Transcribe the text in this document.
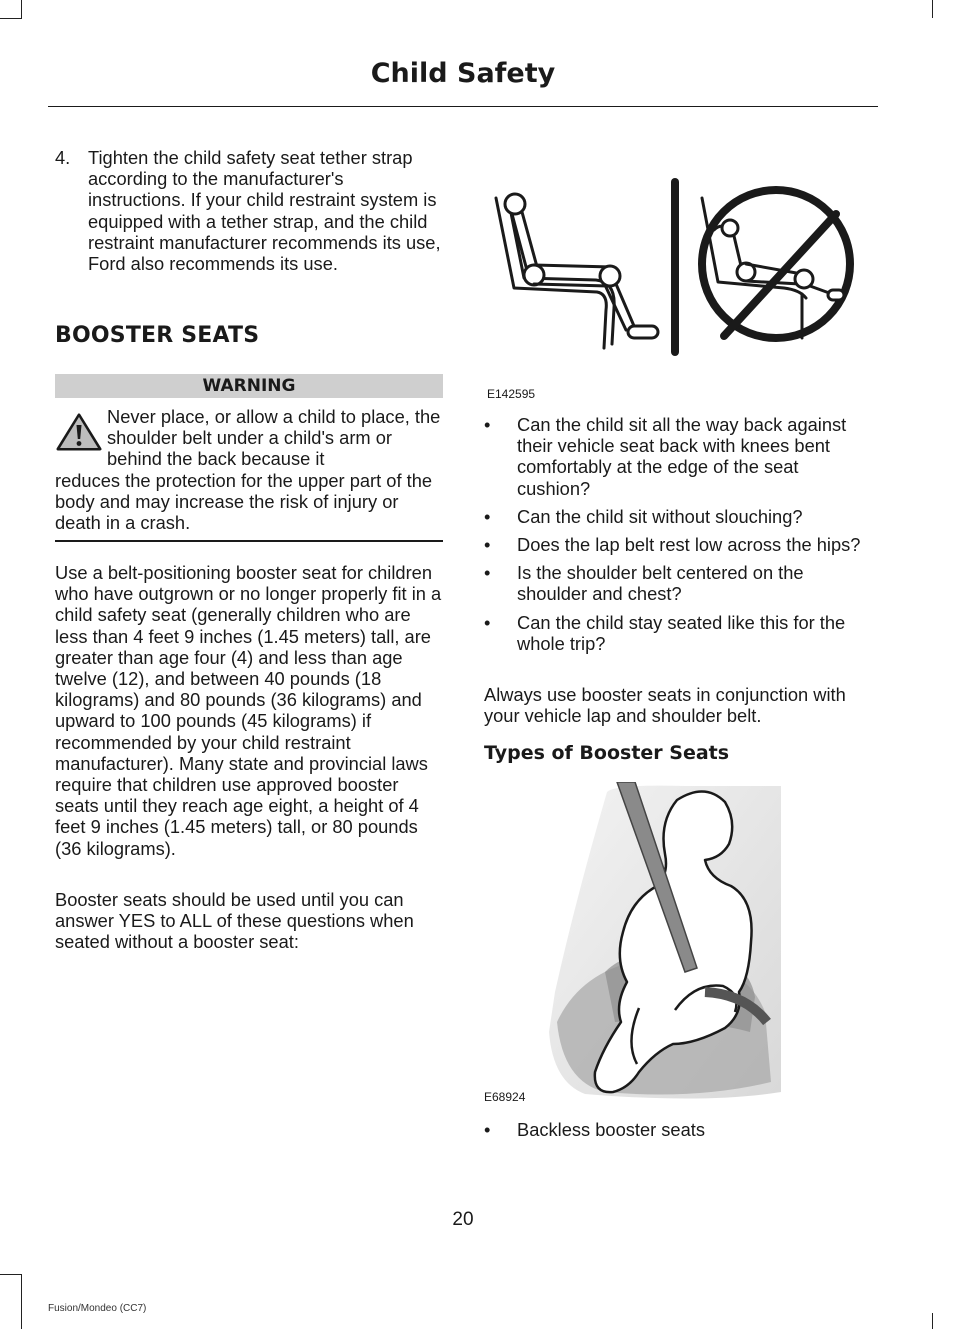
Child Safety
4. Tighten the child safety seat tether strap according to the manufacturer's instructions. If your child restraint system is equipped with a tether strap, and the child restraint manufacturer recommends its use, Ford also recommends its use.
BOOSTER SEATS
WARNING
Never place, or allow a child to place, the shoulder belt under a child's arm or behind the back because it
reduces the protection for the upper part of the body and may increase the risk of injury or death in a crash.

Use a belt-positioning booster seat for children who have outgrown or no longer properly fit in a child safety seat (generally children who are less than 4 feet 9 inches (1.45 meters) tall, are greater than age four (4) and less than age twelve (12), and between 40 pounds (18 kilograms) and 80 pounds (36 kilograms) and upward to 100 pounds (45 kilograms) if recommended by your child restraint manufacturer). Many state and provincial laws require that children use approved booster seats until they reach age eight, a height of 4 feet 9 inches (1.45 meters) tall, or 80 pounds (36 kilograms).

Booster seats should be used until you can answer YES to ALL of these questions when seated without a booster seat:

E142595
• Can the child sit all the way back against their vehicle seat back with knees bent comfortably at the edge of the seat cushion?
• Can the child sit without slouching?
• Does the lap belt rest low across the hips?
• Is the shoulder belt centered on the shoulder and chest?
• Can the child stay seated like this for the whole trip?

Always use booster seats in conjunction with your vehicle lap and shoulder belt.

Types of Booster Seats
E68924
• Backless booster seats
20
Fusion/Mondeo (CC7)
